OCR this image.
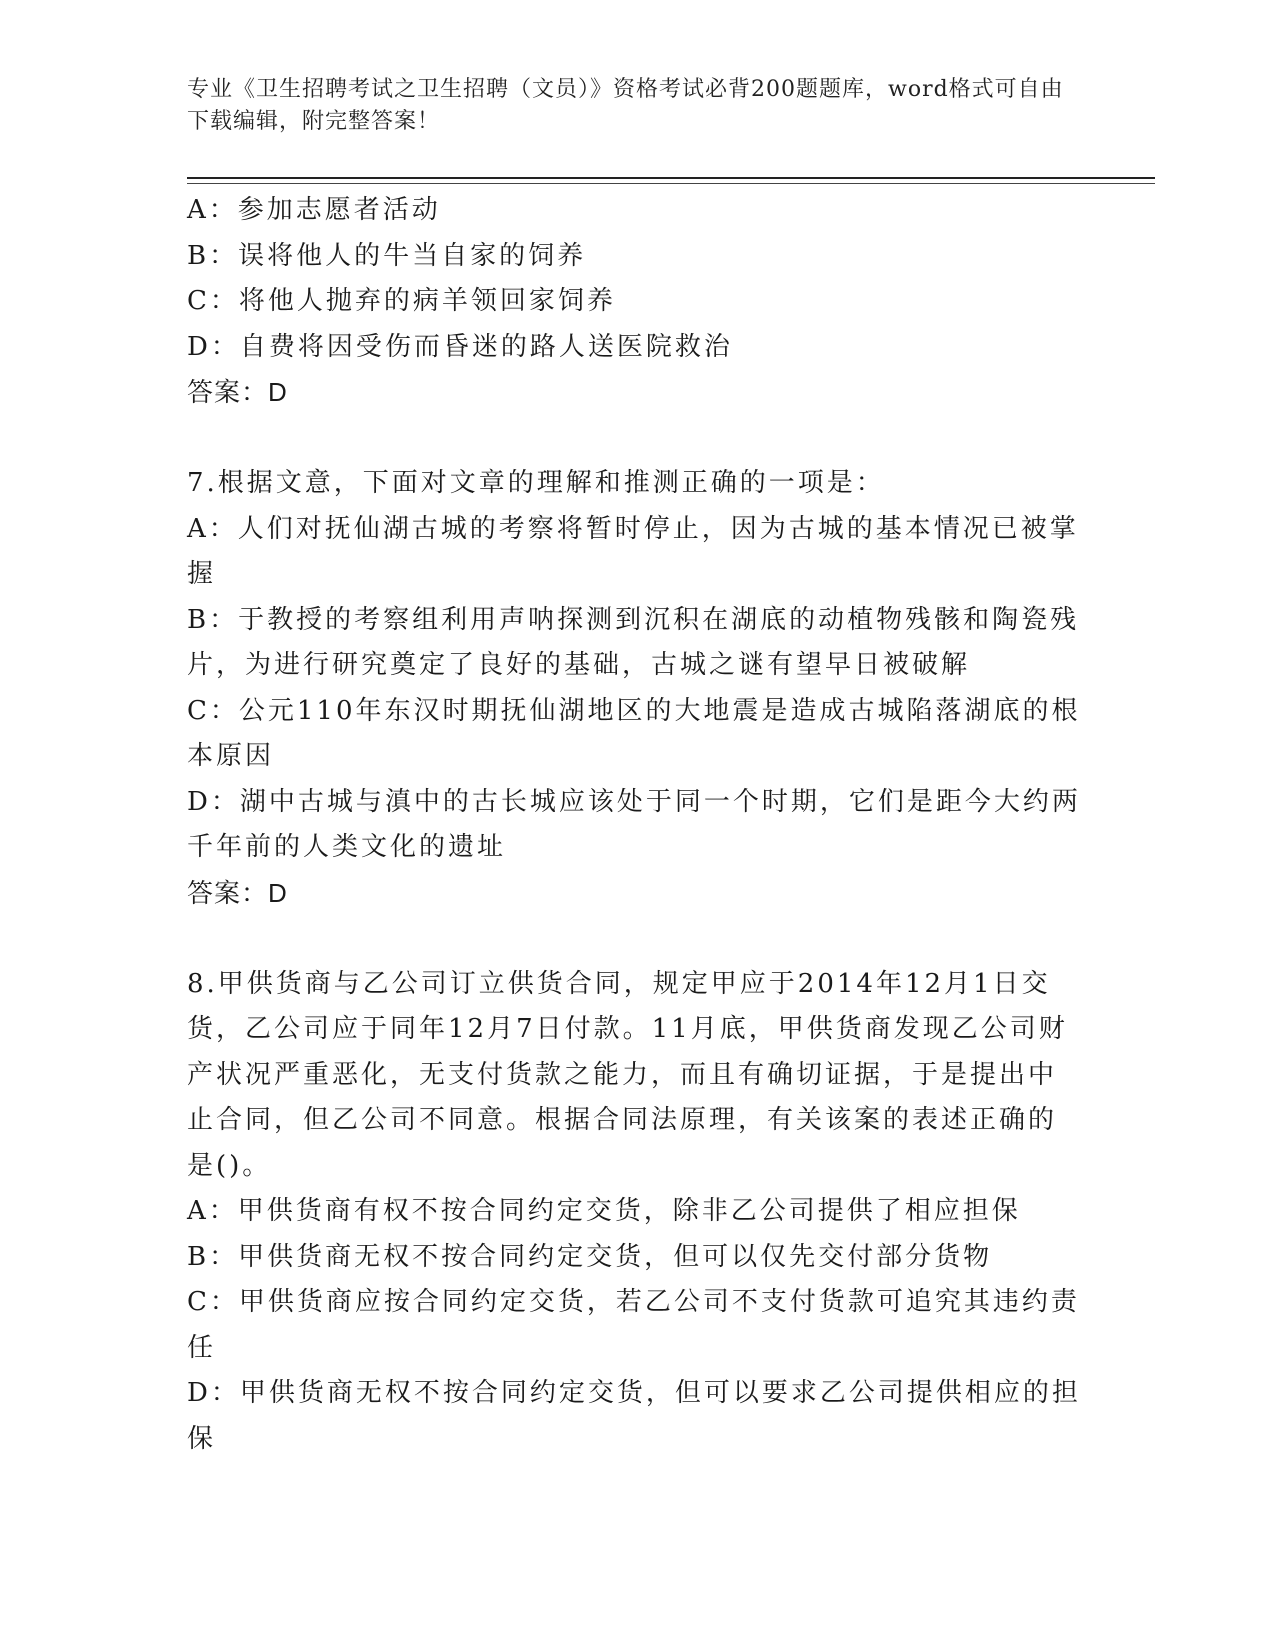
专业《卫生招聘考试之卫生招聘（文员）》资格考试必背200题题库，word格式可自由下载编辑，附完整答案！

A：参加志愿者活动

B：误将他人的牛当自家的饲养

C：将他人抛弃的病羊领回家饲养

D：自费将因受伤而昏迷的路人送医院救治

答案：D

7.根据文意，下面对文章的理解和推测正确的一项是：

A：人们对抚仙湖古城的考察将暂时停止，因为古城的基本情况已被掌握

B：于教授的考察组利用声呐探测到沉积在湖底的动植物残骸和陶瓷残片，为进行研究奠定了良好的基础，古城之谜有望早日被破解

C：公元110年东汉时期抚仙湖地区的大地震是造成古城陷落湖底的根本原因

D：湖中古城与滇中的古长城应该处于同一个时期，它们是距今大约两千年前的人类文化的遗址

答案：D

8.甲供货商与乙公司订立供货合同，规定甲应于2014年12月1日交货，乙公司应于同年12月7日付款。11月底，甲供货商发现乙公司财产状况严重恶化，无支付货款之能力，而且有确切证据，于是提出中止合同，但乙公司不同意。根据合同法原理，有关该案的表述正确的是()。

A：甲供货商有权不按合同约定交货，除非乙公司提供了相应担保

B：甲供货商无权不按合同约定交货，但可以仅先交付部分货物

C：甲供货商应按合同约定交货，若乙公司不支付货款可追究其违约责任

D：甲供货商无权不按合同约定交货，但可以要求乙公司提供相应的担保
